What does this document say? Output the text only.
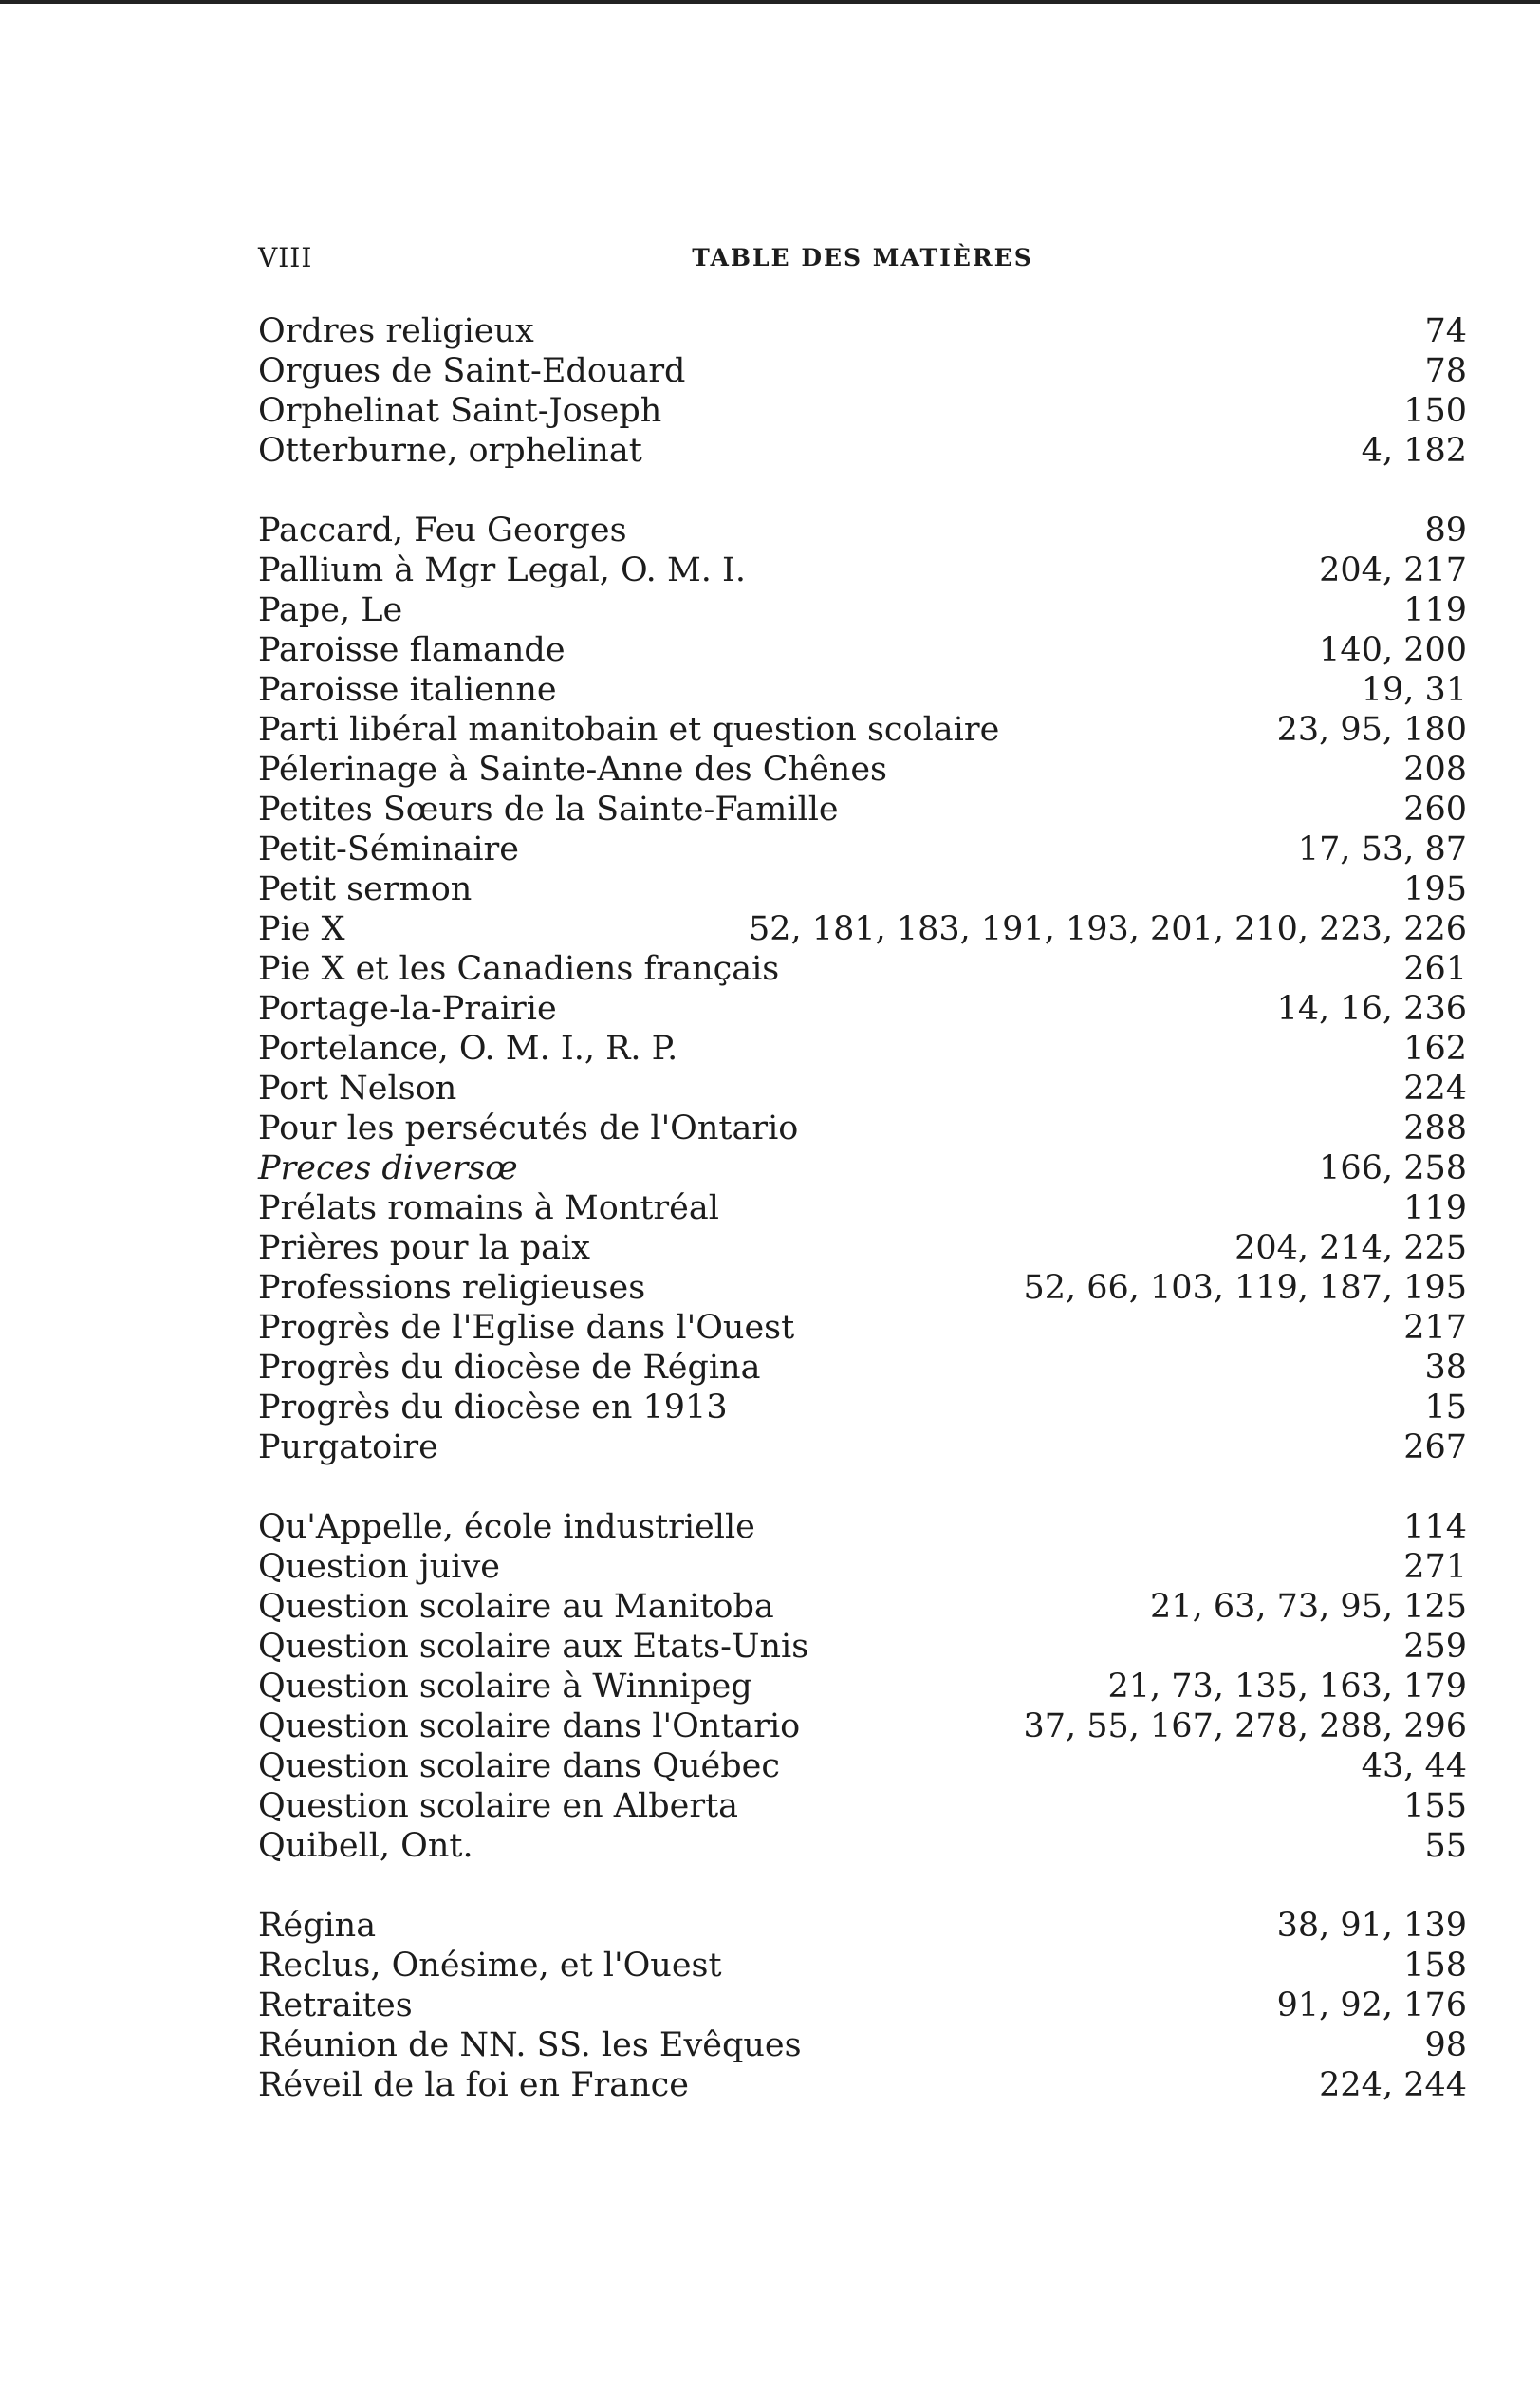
VIII	TABLE DES MATIÈRES
Ordres religieux	74
Orgues de Saint-Edouard	78
Orphelinat Saint-Joseph	150
Otterburne, orphelinat	4, 182
Paccard, Feu Georges	89
Pallium à Mgr Legal, O. M. I.	204, 217
Pape, Le	119
Paroisse flamande	140, 200
Paroisse italienne	19, 31
Parti libéral manitobain et question scolaire	23, 95, 180
Pélerinage à Sainte-Anne des Chênes	208
Petites Sœurs de la Sainte-Famille	260
Petit-Séminaire	17, 53, 87
Petit sermon	195
Pie X	52, 181, 183, 191, 193, 201, 210, 223, 226
Pie X et les Canadiens français	261
Portage-la-Prairie	14, 16, 236
Portelance, O. M. I., R. P.	162
Port Nelson	224
Pour les persécutés de l'Ontario	288
Preces diversœ	166, 258
Prélats romains à Montréal	119
Prières pour la paix	204, 214, 225
Professions religieuses	52, 66, 103, 119, 187, 195
Progrès de l'Eglise dans l'Ouest	217
Progrès du diocèse de Régina	38
Progrès du diocèse en 1913	15
Purgatoire	267
Qu'Appelle, école industrielle	114
Question juive	271
Question scolaire au Manitoba	21, 63, 73, 95, 125
Question scolaire aux Etats-Unis	259
Question scolaire à Winnipeg	21, 73, 135, 163, 179
Question scolaire dans l'Ontario	37, 55, 167, 278, 288, 296
Question scolaire dans Québec	43, 44
Question scolaire en Alberta	155
Quibell, Ont.	55
Régina	38, 91, 139
Reclus, Onésime, et l'Ouest	158
Retraites	91, 92, 176
Réunion de NN. SS. les Evêques	98
Réveil de la foi en France	224, 244
